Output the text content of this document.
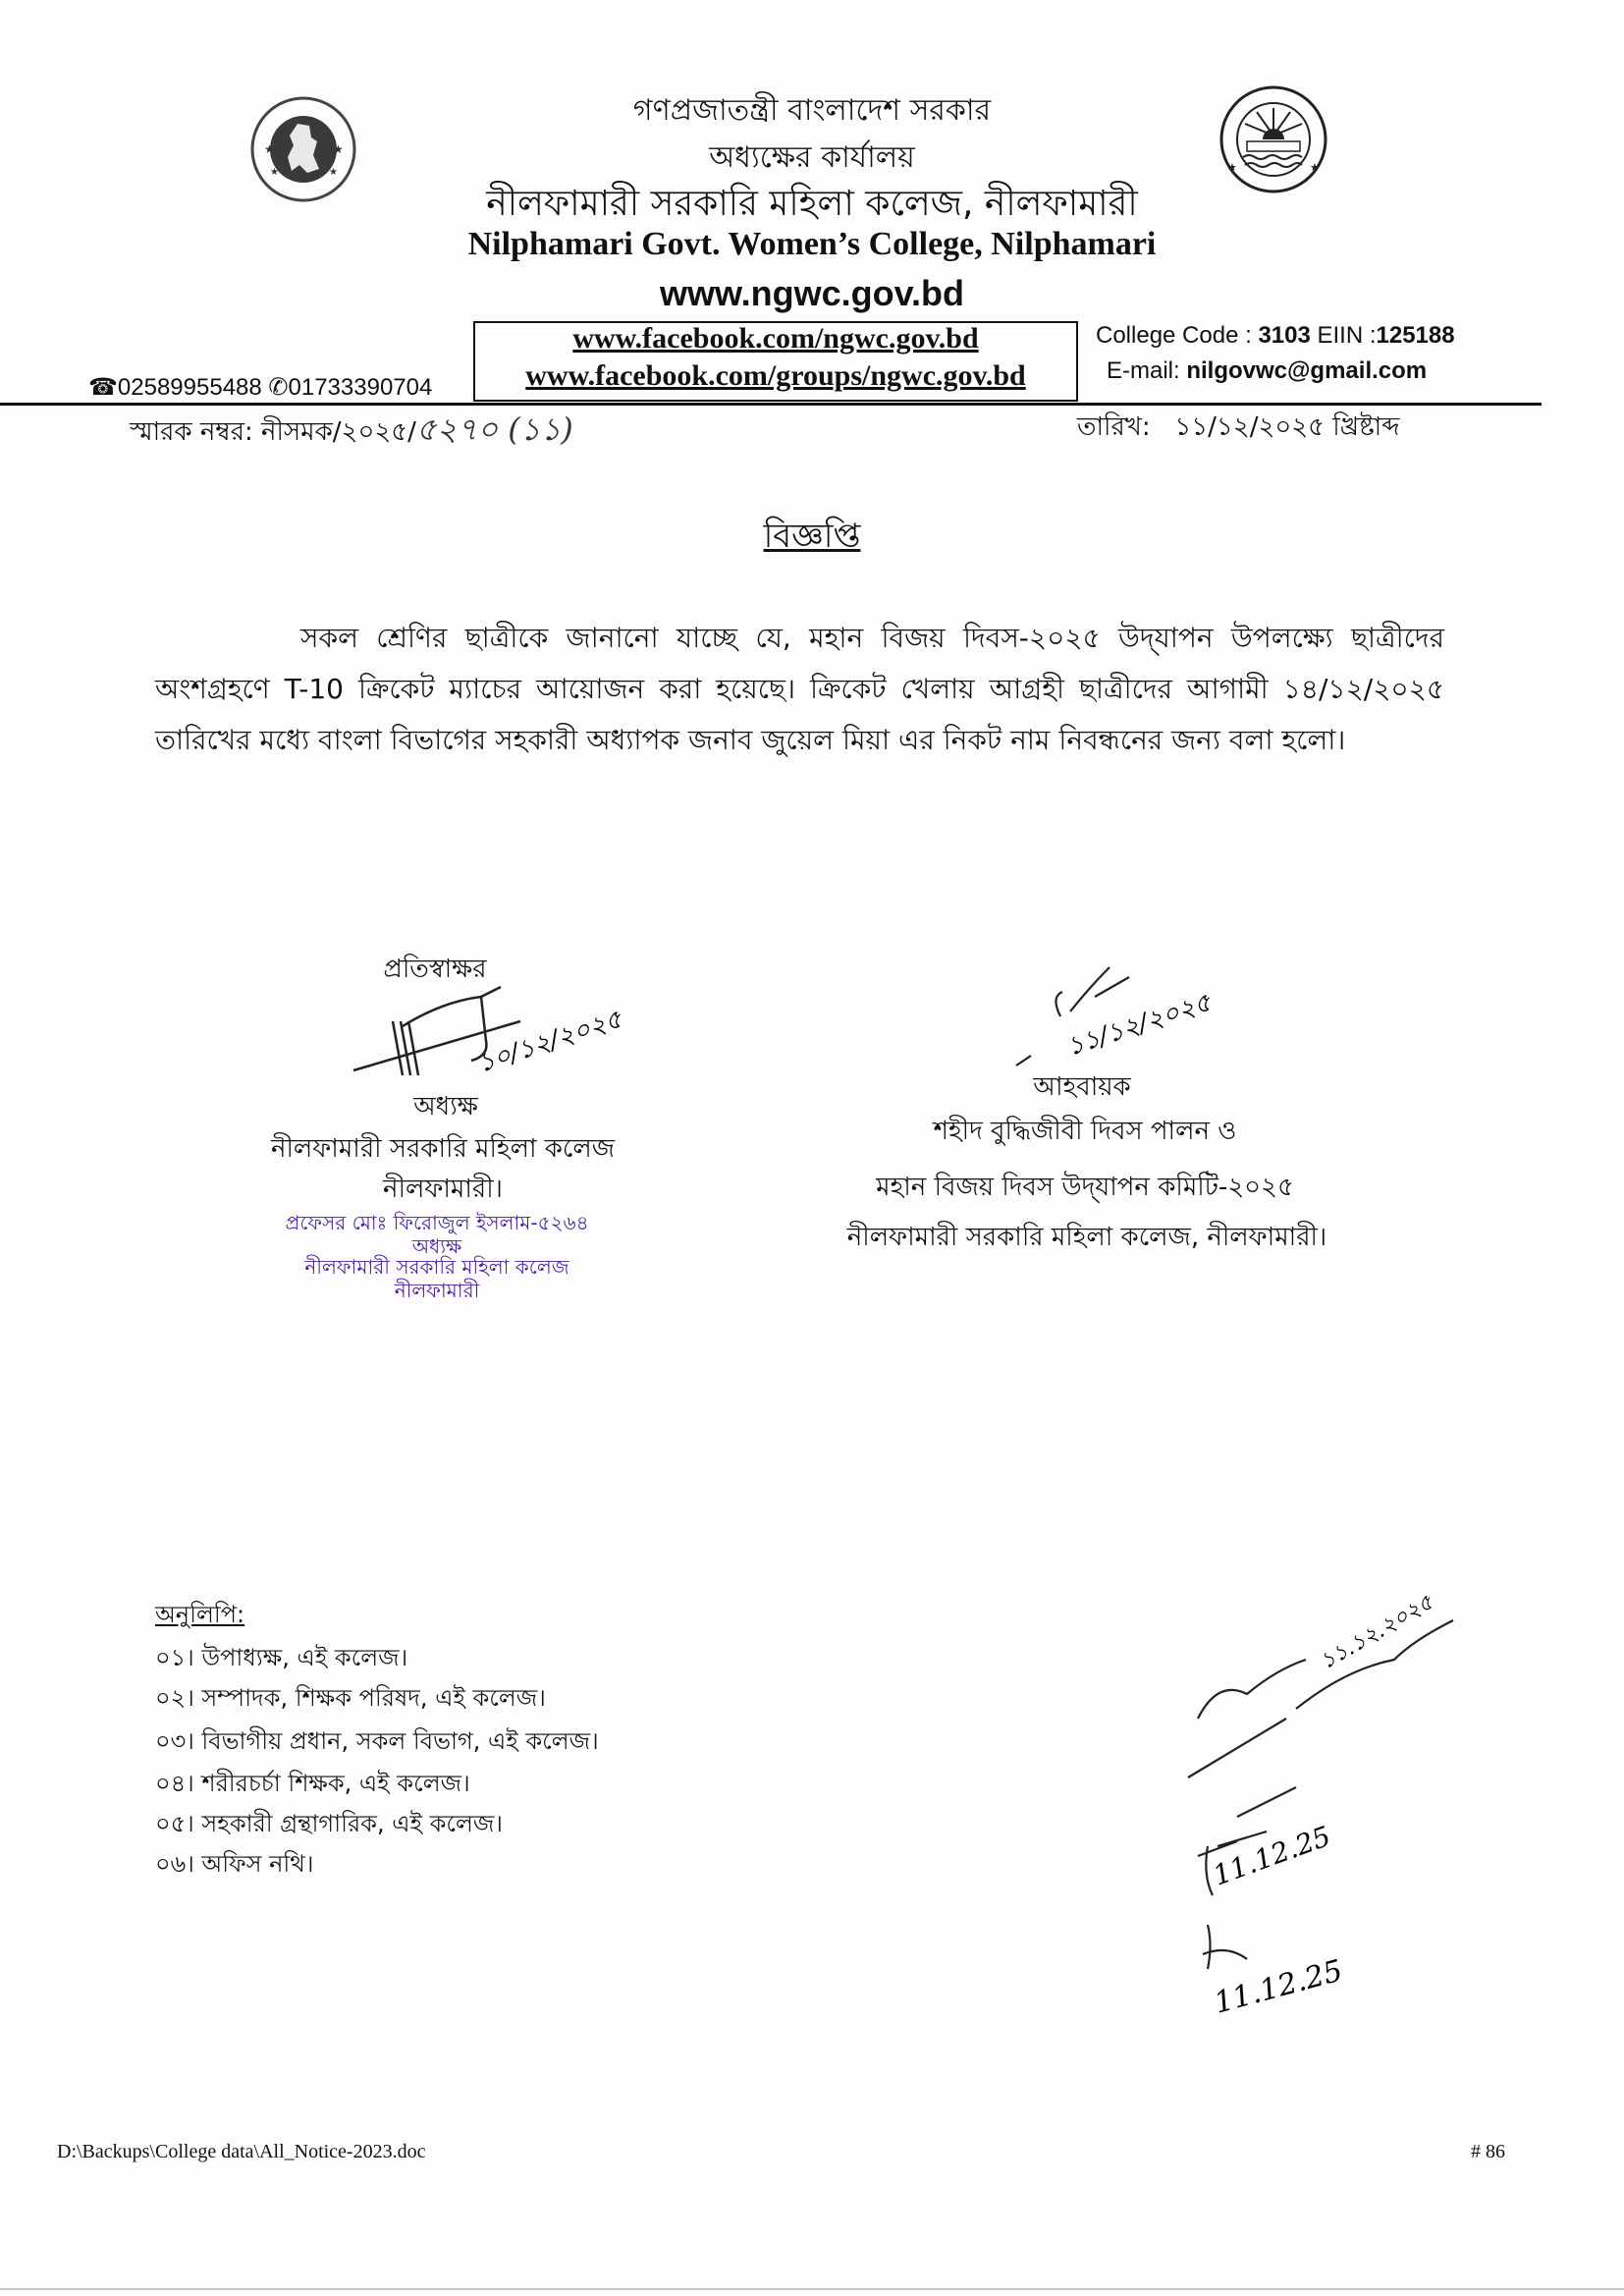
★	★
★	★	★	★
গণপ্রজাতন্ত্রী বাংলাদেশ সরকার
অধ্যক্ষের কার্যালয়
নীলফামারী সরকারি মহিলা কলেজ, নীলফামারী
Nilphamari Govt. Women’s College, Nilphamari
www.ngwc.gov.bd
www.facebook.com/ngwc.gov.bd
www.facebook.com/groups/ngwc.gov.bd
College Code : 3103 EIIN :125188
E-mail: nilgovwc@gmail.com
☎02589955488 ✆01733390704
স্মারক নম্বর: নীসমক/২০২৫/৫২৭০ (১১)	তারিখ: ১১/১২/২০২৫ খ্রিষ্টাব্দ
বিজ্ঞপ্তি
সকল শ্রেণির ছাত্রীকে জানানো যাচ্ছে যে, মহান বিজয় দিবস-২০২৫ উদ্‌যাপন উপলক্ষ্যে ছাত্রীদের অংশগ্রহণে T-10 ক্রিকেট ম্যাচের আয়োজন করা হয়েছে। ক্রিকেট খেলায় আগ্রহী ছাত্রীদের আগামী ১৪/১২/২০২৫ তারিখের মধ্যে বাংলা বিভাগের সহকারী অধ্যাপক জনাব জুয়েল মিয়া এর নিকট নাম নিবন্ধনের জন্য বলা হলো।
প্রতিস্বাক্ষর
১০/১২/২০২৫
অধ্যক্ষ
নীলফামারী সরকারি মহিলা কলেজ
নীলফামারী।
প্রফেসর মোঃ ফিরোজুল ইসলাম-৫২৬৪
অধ্যক্ষ
নীলফামারী সরকারি মহিলা কলেজ
নীলফামারী
১১/১২/২০২৫
আহবায়ক
শহীদ বুদ্ধিজীবী দিবস পালন ও
মহান বিজয় দিবস উদ্‌যাপন কমিটি-২০২৫
নীলফামারী সরকারি মহিলা কলেজ, নীলফামারী।
অনুলিপি:
০১। উপাধ্যক্ষ, এই কলেজ।
০২। সম্পাদক, শিক্ষক পরিষদ, এই কলেজ।
০৩। বিভাগীয় প্রধান, সকল বিভাগ, এই কলেজ।
০৪। শরীরচর্চা শিক্ষক, এই কলেজ।
০৫। সহকারী গ্রন্থাগারিক, এই কলেজ।
০৬। অফিস নথি।
১১.১২.২০২৫
11.12.25
11.12.25
D:\Backups\College data\All_Notice-2023.doc	# 86
